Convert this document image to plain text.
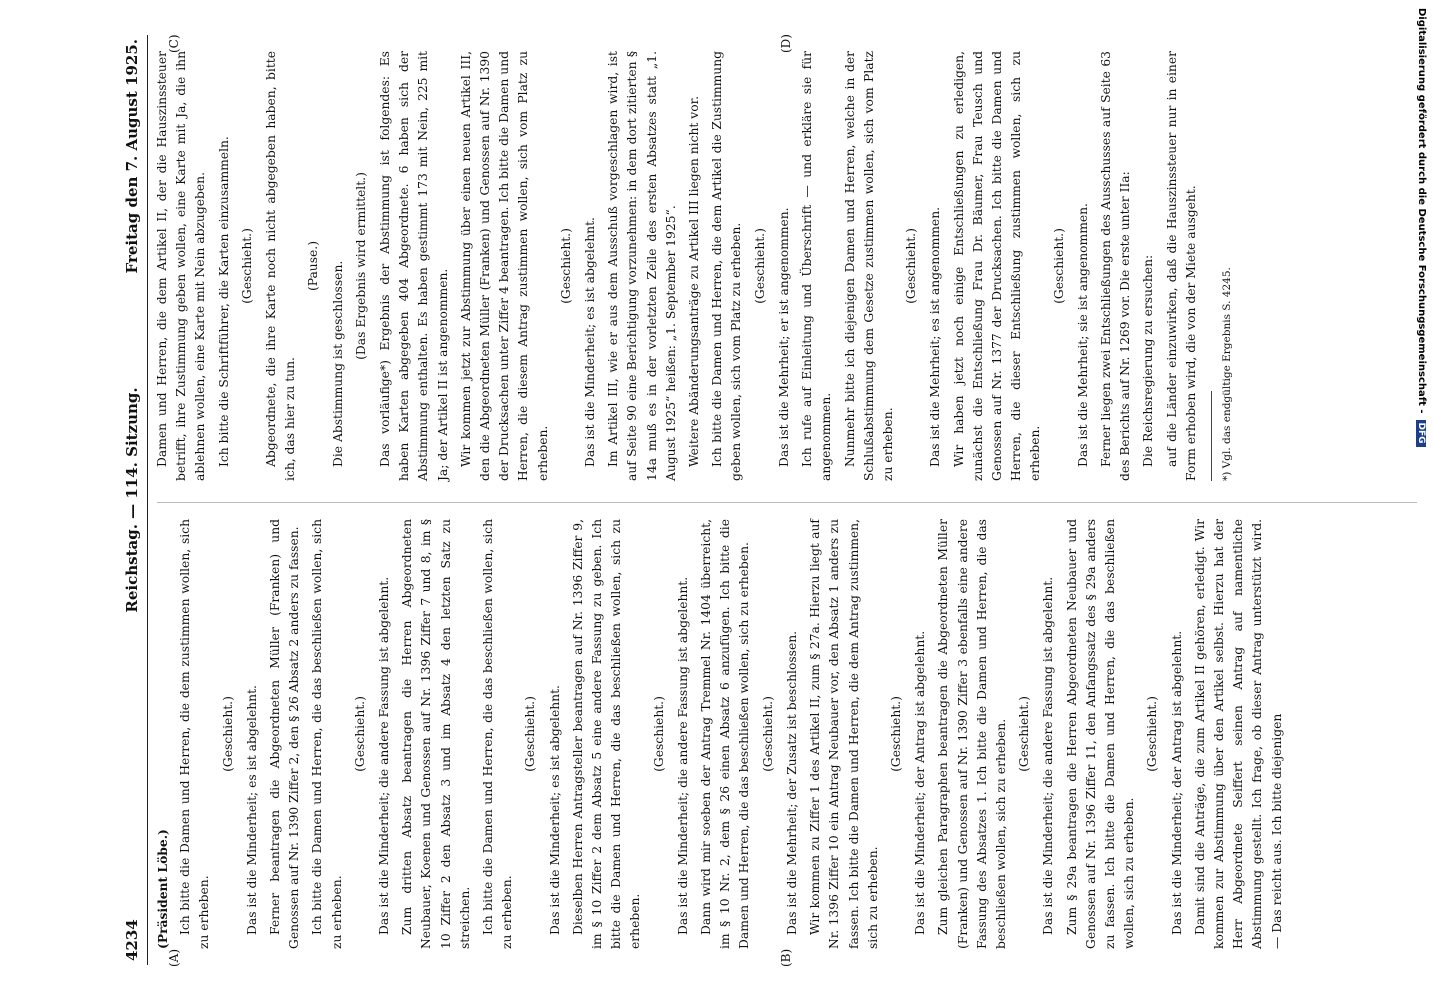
4234
Reichstag. — 114. Sitzung.
Freitag den 7. August 1925.
(A)	(B)
(C)	(D)

(Präsident Löbe.) Ich bitte die Damen und Herren, die dem zustimmen wollen, sich zu erheben.

(Geschieht.) Das ist die Minderheit; es ist abgelehnt. Ferner beantragen die Abgeordneten Müller (Franken) und Genossen auf Nr. 1390 Ziffer 2, den § 26 Absatz 2 anders zu fassen. Ich bitte die Damen und Herren, die das beschließen wollen, sich zu erheben.

(Geschieht.) Das ist die Minderheit; die andere Fassung ist abgelehnt. Zum dritten Absatz beantragen die Herren Abgeordneten Neubauer, Koenen und Genossen auf Nr. 1396 Ziffer 7 und 8, im § 10 Ziffer 2 den Absatz 3 und im Absatz 4 den letzten Satz zu streichen. Ich bitte die Damen und Herren, die das beschließen wollen, sich zu erheben.

(Geschieht.) Das ist die Minderheit; es ist abgelehnt. Dieselben Herren Antragsteller beantragen auf Nr. 1396 Ziffer 9, im § 10 Ziffer 2 dem Absatz 5 eine andere Fassung zu geben. Ich bitte die Damen und Herren, die das beschließen wollen, sich zu erheben.

(Geschieht.) Das ist die Minderheit; die andere Fassung ist abgelehnt. Dann wird mir soeben der Antrag Tremmel Nr. 1404 überreicht, im § 10 Nr. 2, dem § 26 einen Absatz 6 anzufügen. Ich bitte die Damen und Herren, die das beschließen wollen, sich zu erheben. (Geschieht.) Das ist die Mehrheit; der Zusatz ist beschlossen. Wir kommen zu Ziffer 1 des Artikel II, zum § 27a. Hierzu liegt auf Nr. 1396 Ziffer 10 ein Antrag Neubauer vor, den Absatz 1 anders zu fassen. Ich bitte die Damen und Herren, die dem Antrag zustimmen, sich zu erheben.

(Geschieht.) Das ist die Minderheit; der Antrag ist abgelehnt. Zum gleichen Paragraphen beantragen die Abgeordneten Müller (Franken) und Genossen auf Nr. 1390 Ziffer 3 ebenfalls eine andere Fassung des Absatzes 1. Ich bitte die Damen und Herren, die das beschließen wollen, sich zu erheben. (Geschieht.) Das ist die Minderheit; die andere Fassung ist abgelehnt. Zum § 29a beantragen die Herren Abgeordneten Neubauer und Genossen auf Nr. 1396 Ziffer 11, den Anfangssatz des § 29a anders zu fassen. Ich bitte die Damen und Herren, die das beschließen wollen, sich zu erheben.

(Geschieht.) Das ist die Minderheit; der Antrag ist abgelehnt. Damit sind die Anträge, die zum Artikel II gehören, erledigt. Wir kommen zur Abstimmung über den Artikel selbst. Hierzu hat der Herr Abgeordnete Seiffert seinen Antrag auf namentliche Abstimmung gestellt. Ich frage, ob dieser Antrag unterstützt wird. — Das reicht aus. Ich bitte diejenigen

Damen und Herren, die dem Artikel II, der die Hauszinssteuer betrifft, ihre Zustimmung geben wollen, eine Karte mit Ja, die ihn ablehnen wollen, eine Karte mit Nein abzugeben. Ich bitte die Schriftführer, die Karten einzusammeln. (Geschieht.) Abgeordnete, die ihre Karte noch nicht abgegeben haben, bitte ich, das hier zu tun.

(Pause.) Die Abstimmung ist geschlossen. (Das Ergebnis wird ermittelt.) Das vorläufige*) Ergebnis der Abstimmung ist folgendes: Es haben Karten abgegeben 404 Abgeordnete. 6 haben sich der Abstimmung enthalten. Es haben gestimmt 173 mit Nein, 225 mit Ja; der Artikel II ist angenommen. Wir kommen jetzt zur Abstimmung über einen neuen Artikel III, den die Abgeordneten Müller (Franken) und Genossen auf Nr. 1390 der Drucksachen unter Ziffer 4 beantragen. Ich bitte die Damen und Herren, die diesem Antrag zustimmen wollen, sich vom Platz zu erheben.

(Geschieht.) Das ist die Minderheit; es ist abgelehnt. Im Artikel III, wie er aus dem Ausschuß vorgeschlagen wird, ist auf Seite 90 eine Berichtigung vorzunehmen: in dem dort zitierten § 14a muß es in der vorletzten Zeile des ersten Absatzes statt „1. August 1925“ heißen: „1. September 1925“. Weitere Abänderungsanträge zu Artikel III liegen nicht vor. Ich bitte die Damen und Herren, die dem Artikel die Zustimmung geben wollen, sich vom Platz zu erheben. (Geschieht.) Das ist die Mehrheit; er ist angenommen. Ich rufe auf Einleitung und Überschrift — und erkläre sie für angenommen. Nunmehr bitte ich diejenigen Damen und Herren, welche in der Schlußabstimmung dem Gesetze zustimmen wollen, sich vom Platz zu erheben.

(Geschieht.) Das ist die Mehrheit; es ist angenommen. Wir haben jetzt noch einige Entschließungen zu erledigen, zunächst die Entschließung Frau Dr. Bäumer, Frau Teusch und Genossen auf Nr. 1377 der Drucksachen. Ich bitte die Damen und Herren, die dieser Entschließung zustimmen wollen, sich zu erheben.

(Geschieht.) Das ist die Mehrheit; sie ist angenommen. Ferner liegen zwei Entschließungen des Ausschusses auf Seite 63 des Berichts auf Nr. 1269 vor. Die erste unter IIa: Die Reichsregierung zu ersuchen: auf die Länder einzuwirken, daß die Hauszinssteuer nur in einer Form erhoben wird, die von der Miete ausgeht.	*) Vgl. das endgültige Ergebnis S. 4245.	Digitalisierung gefördert durch die Deutsche Forschungsgemeinschaft -DFG
